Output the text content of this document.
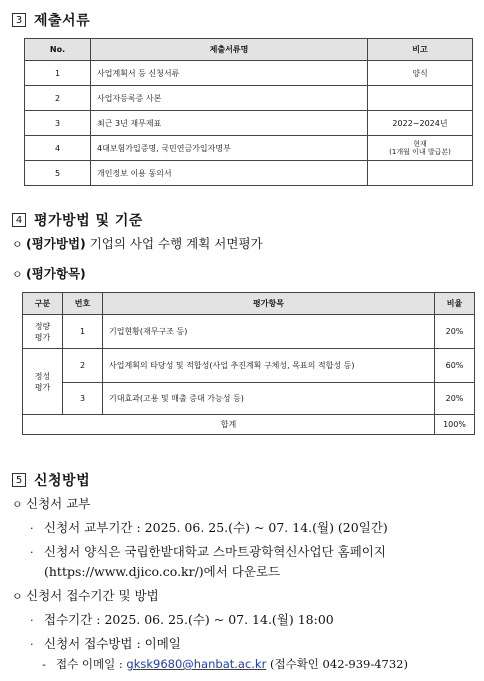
3 제출서류
No.	제출서류명	비고
1	사업계획서 등 신청서류	양식
2	사업자등록증 사본	
3	최근 3년 재무제표	2022~2024년
4	4대보험가입증명, 국민연금가입자명부	현재
(1개월 이내 발급본)

5	개인정보 이용 동의서	
4 평가방법 및 기준
ㅇ (평가방법) 기업의 사업 수행 계획 서면평가
ㅇ (평가항목)
구분	번호	평가항목	비율
정량
평가	1	기업현황(재무구조 등)	20%
정성
평가	2	사업계획의 타당성 및 적합성(사업 추진계획 구체성, 목표의 적합성 등)	60%
	3	기대효과(고용 및 매출 증대 가능성 등)	20%
합계			100%
5 신청방법
ㅇ 신청서 교부
· 신청서 교부기간 : 2025. 06. 25.(수) ~ 07. 14.(월) (20일간)
· 신청서 양식은 국립한밭대학교 스마트광학혁신사업단 홈페이지
(https://www.djico.co.kr/)에서 다운로드
ㅇ 신청서 접수기간 및 방법
· 접수기간 : 2025. 06. 25.(수) ~ 07. 14.(월) 18:00
· 신청서 접수방법 : 이메일
- 접수 이메일 : gksk9680@hanbat.ac.kr (접수확인 042-939-4732)
